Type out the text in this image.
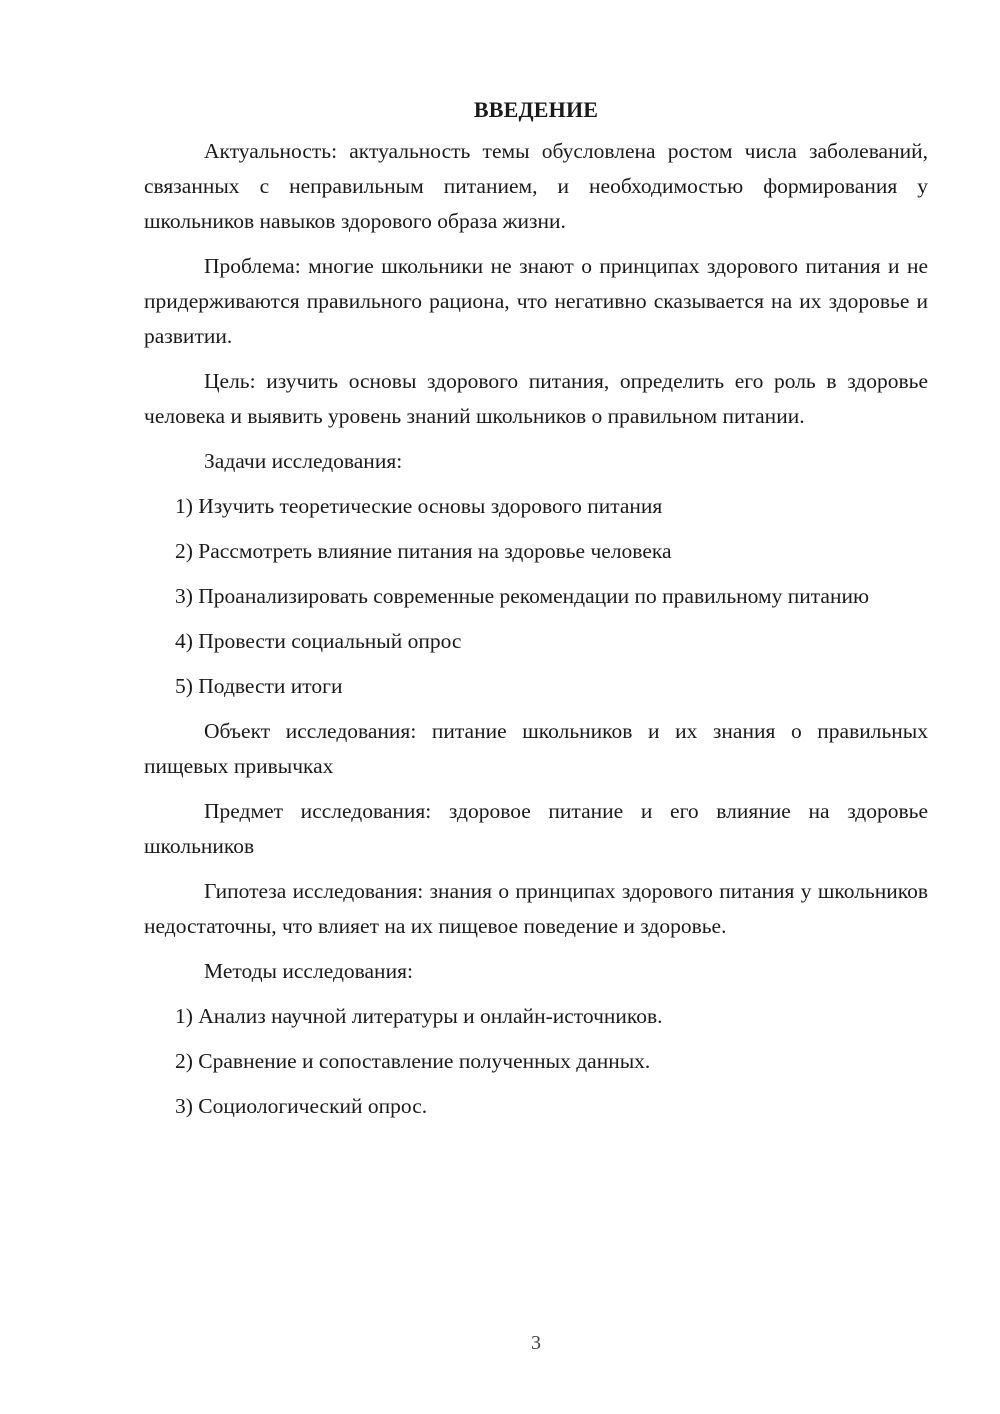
ВВЕДЕНИЕ

Актуальность: актуальность темы обусловлена ростом числа заболеваний, связанных с неправильным питанием, и необходимостью формирования у школьников навыков здорового образа жизни.

Проблема: многие школьники не знают о принципах здорового питания и не придерживаются правильного рациона, что негативно сказывается на их здоровье и развитии.

Цель: изучить основы здорового питания, определить его роль в здоровье человека и выявить уровень знаний школьников о правильном питании.

Задачи исследования:

1) Изучить теоретические основы здорового питания

2) Рассмотреть влияние питания на здоровье человека

3) Проанализировать современные рекомендации по правильному питанию

4) Провести социальный опрос

5) Подвести итоги

Объект исследования: питание школьников и их знания о правильных пищевых привычках

Предмет исследования: здоровое питание и его влияние на здоровье школьников

Гипотеза исследования: знания о принципах здорового питания у школьников недостаточны, что влияет на их пищевое поведение и здоровье.

Методы исследования:

1) Анализ научной литературы и онлайн-источников.

2) Сравнение и сопоставление полученных данных.

3) Социологический опрос.

3
